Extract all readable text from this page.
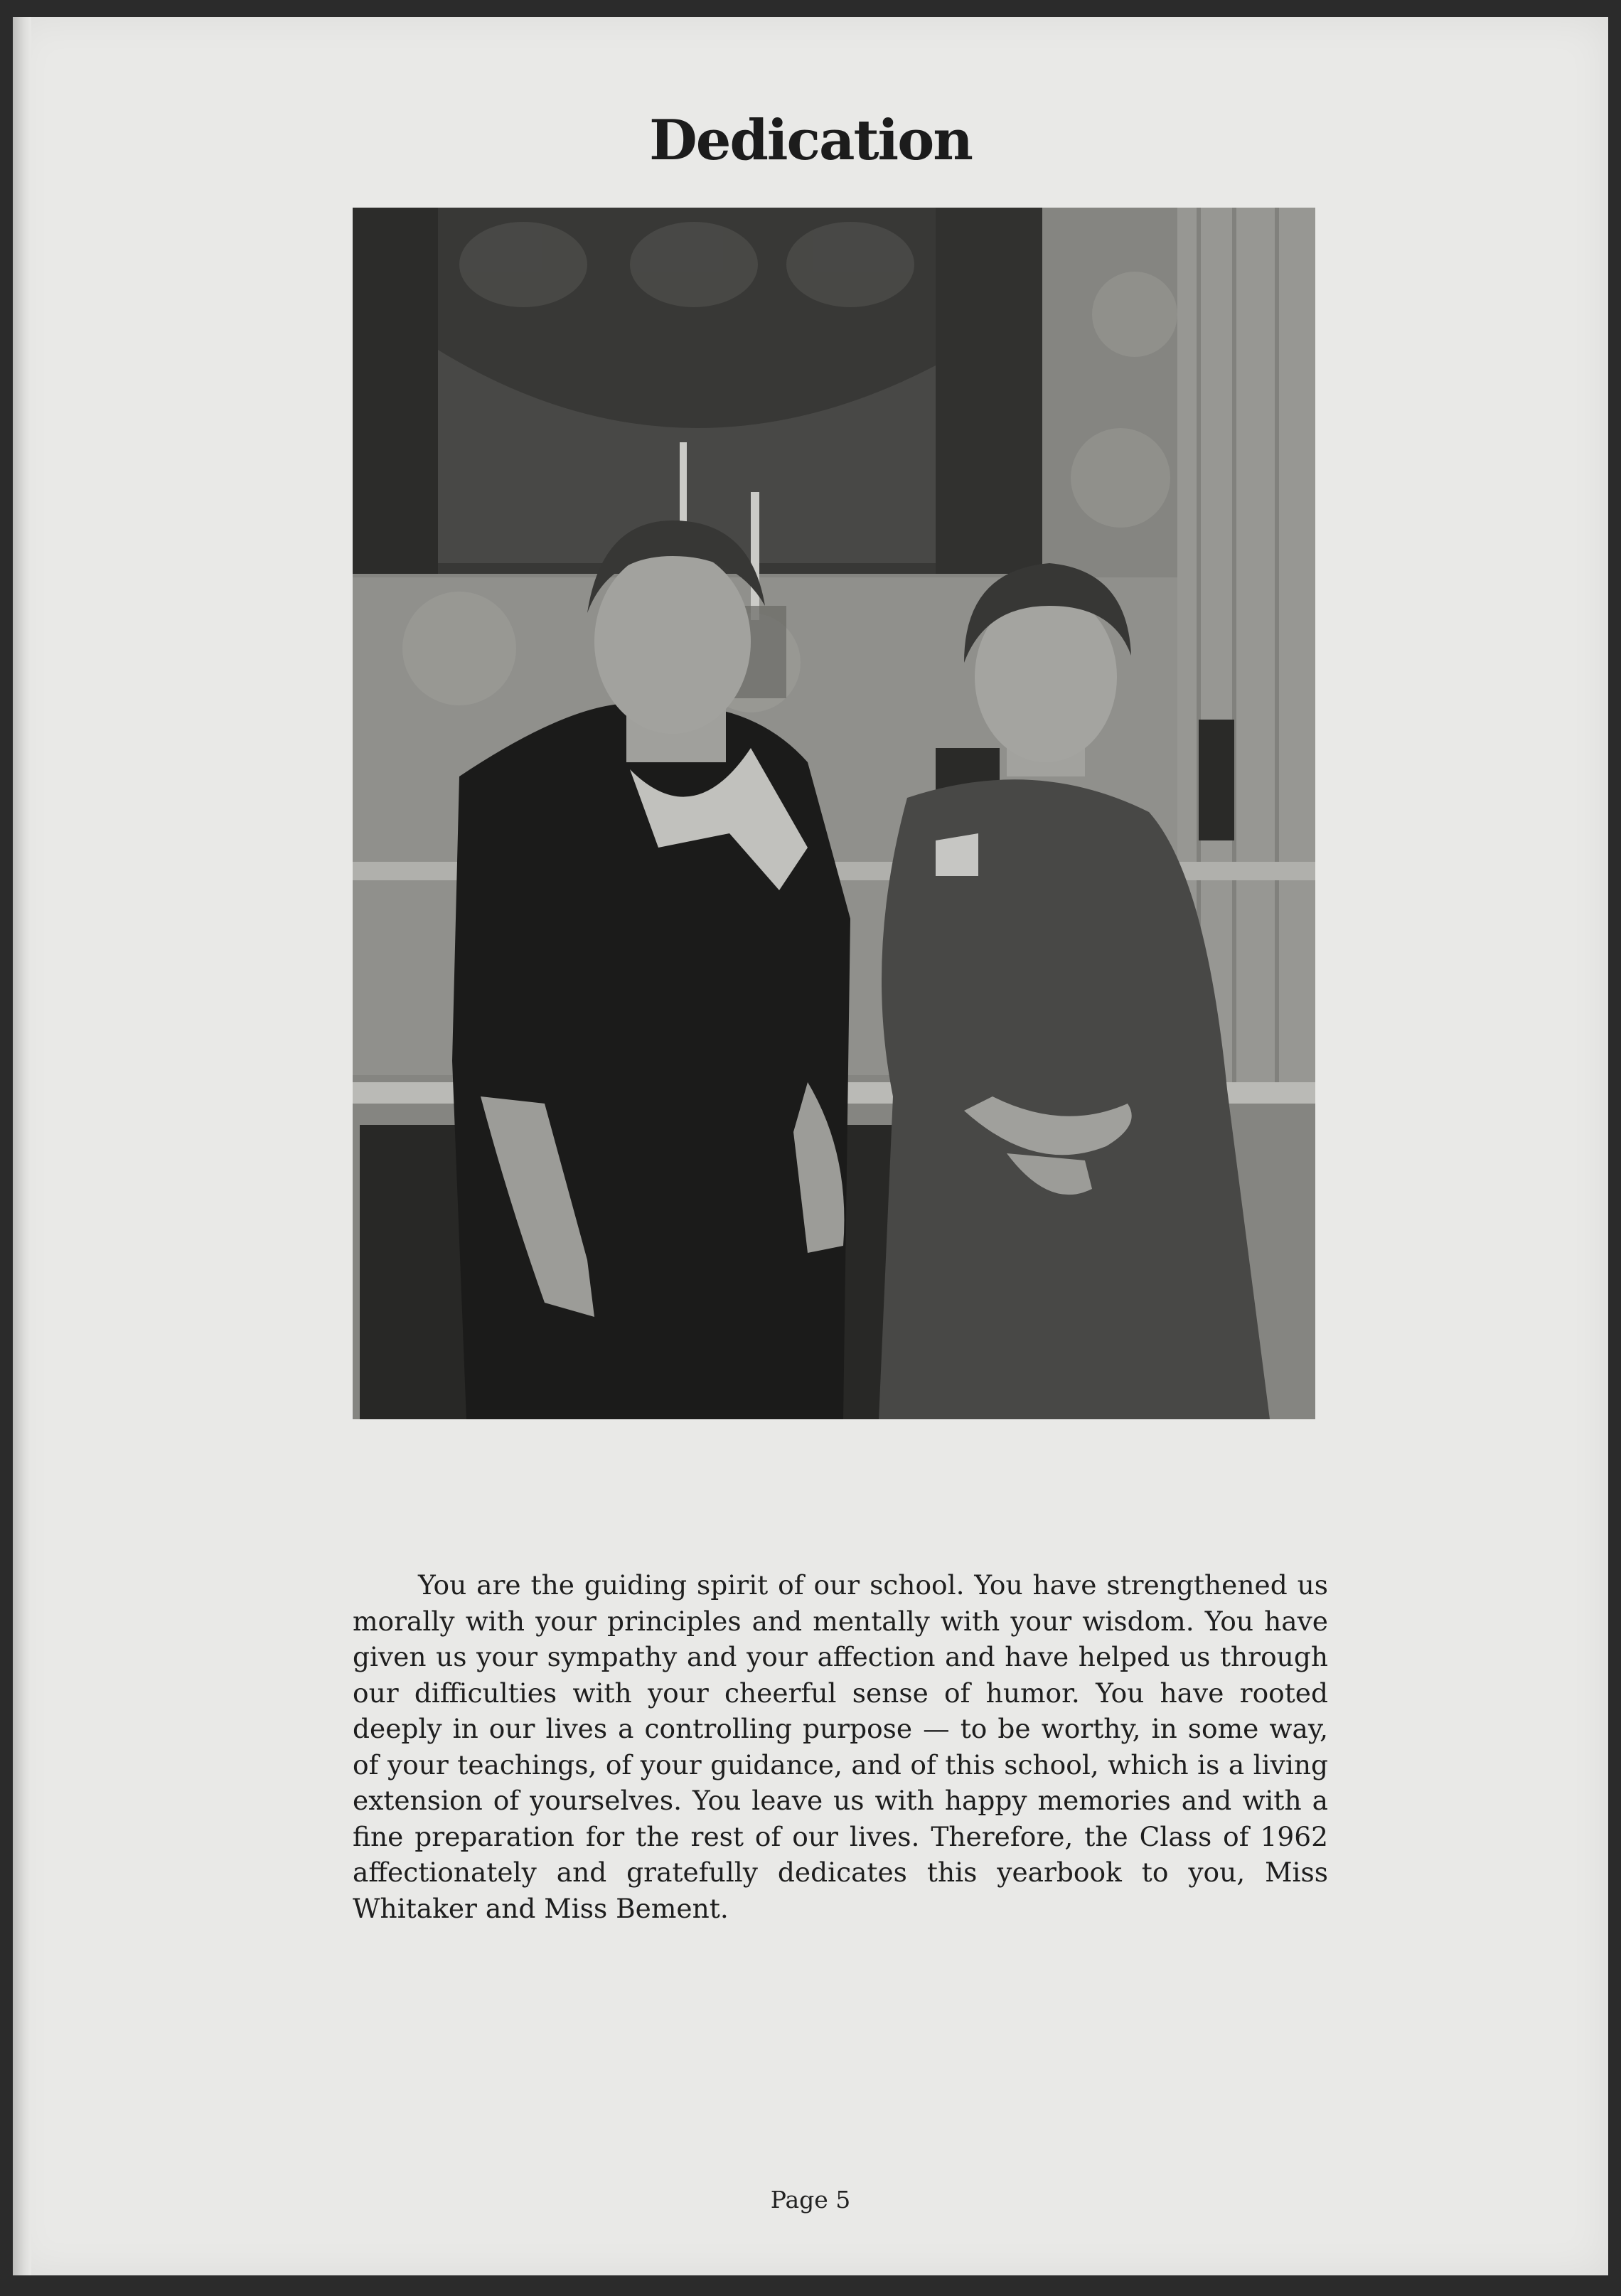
Dedication
You are the guiding spirit of our school. You have strengthened us morally with your principles and mentally with your wisdom. You have given us your sympathy and your affection and have helped us through our difficulties with your cheerful sense of humor. You have rooted deeply in our lives a controlling purpose — to be worthy, in some way, of your teachings, of your guidance, and of this school, which is a living extension of yourselves. You leave us with happy memories and with a fine preparation for the rest of our lives. Therefore, the Class of 1962 affectionately and gratefully dedicates this yearbook to you, Miss Whitaker and Miss Bement.
Page 5
